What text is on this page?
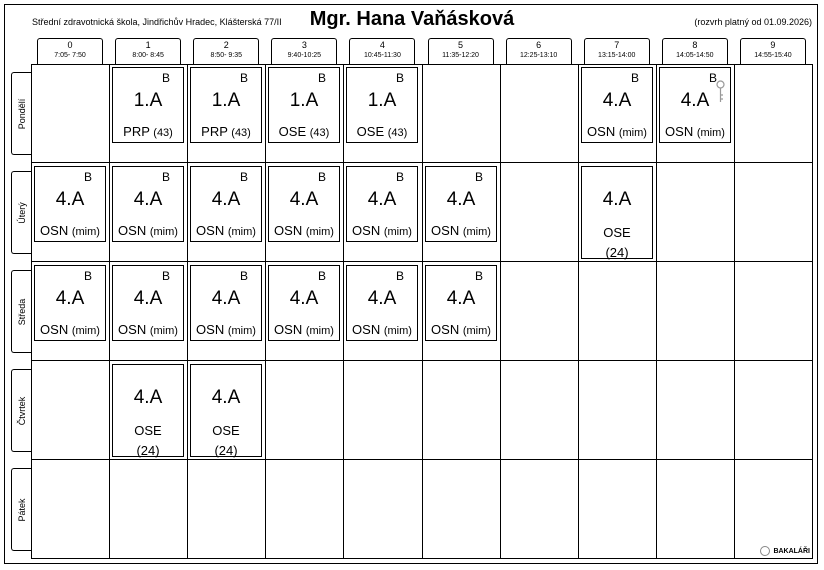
Střední zdravotnická škola, Jindřichův Hradec, Klášterská 77/II	Mgr. Hana Vaňásková	(rozvrh platný od 01.09.2026)
0
7:05- 7:50
1
8:00- 8:45
2
8:50- 9:35
3
9:40-10:25
4
10:45-11:30
5
11:35-12:20
6
12:25-13:10
7
13:15-14:00
8
14:05-14:50
9
14:55-15:40
Pondělí
Úterý
Středa
Čtvrtek
Pátek
B
1.A
PRP (43)
B
1.A
PRP (43)
B
1.A
OSE (43)
B
1.A
OSE (43)
B
4.A
OSN (mim)
B
4.A
OSN (mim)
B
4.A
OSN (mim)
B
4.A
OSN (mim)
B
4.A
OSN (mim)
B
4.A
OSN (mim)
B
4.A
OSN (mim)
B
4.A
OSN (mim)
4.A
OSE
(24)
B
4.A
OSN (mim)
B
4.A
OSN (mim)
B
4.A
OSN (mim)
B
4.A
OSN (mim)
B
4.A
OSN (mim)
B
4.A
OSN (mim)
4.A
OSE
(24)
4.A
OSE
(24)
BAKALÁŘI
